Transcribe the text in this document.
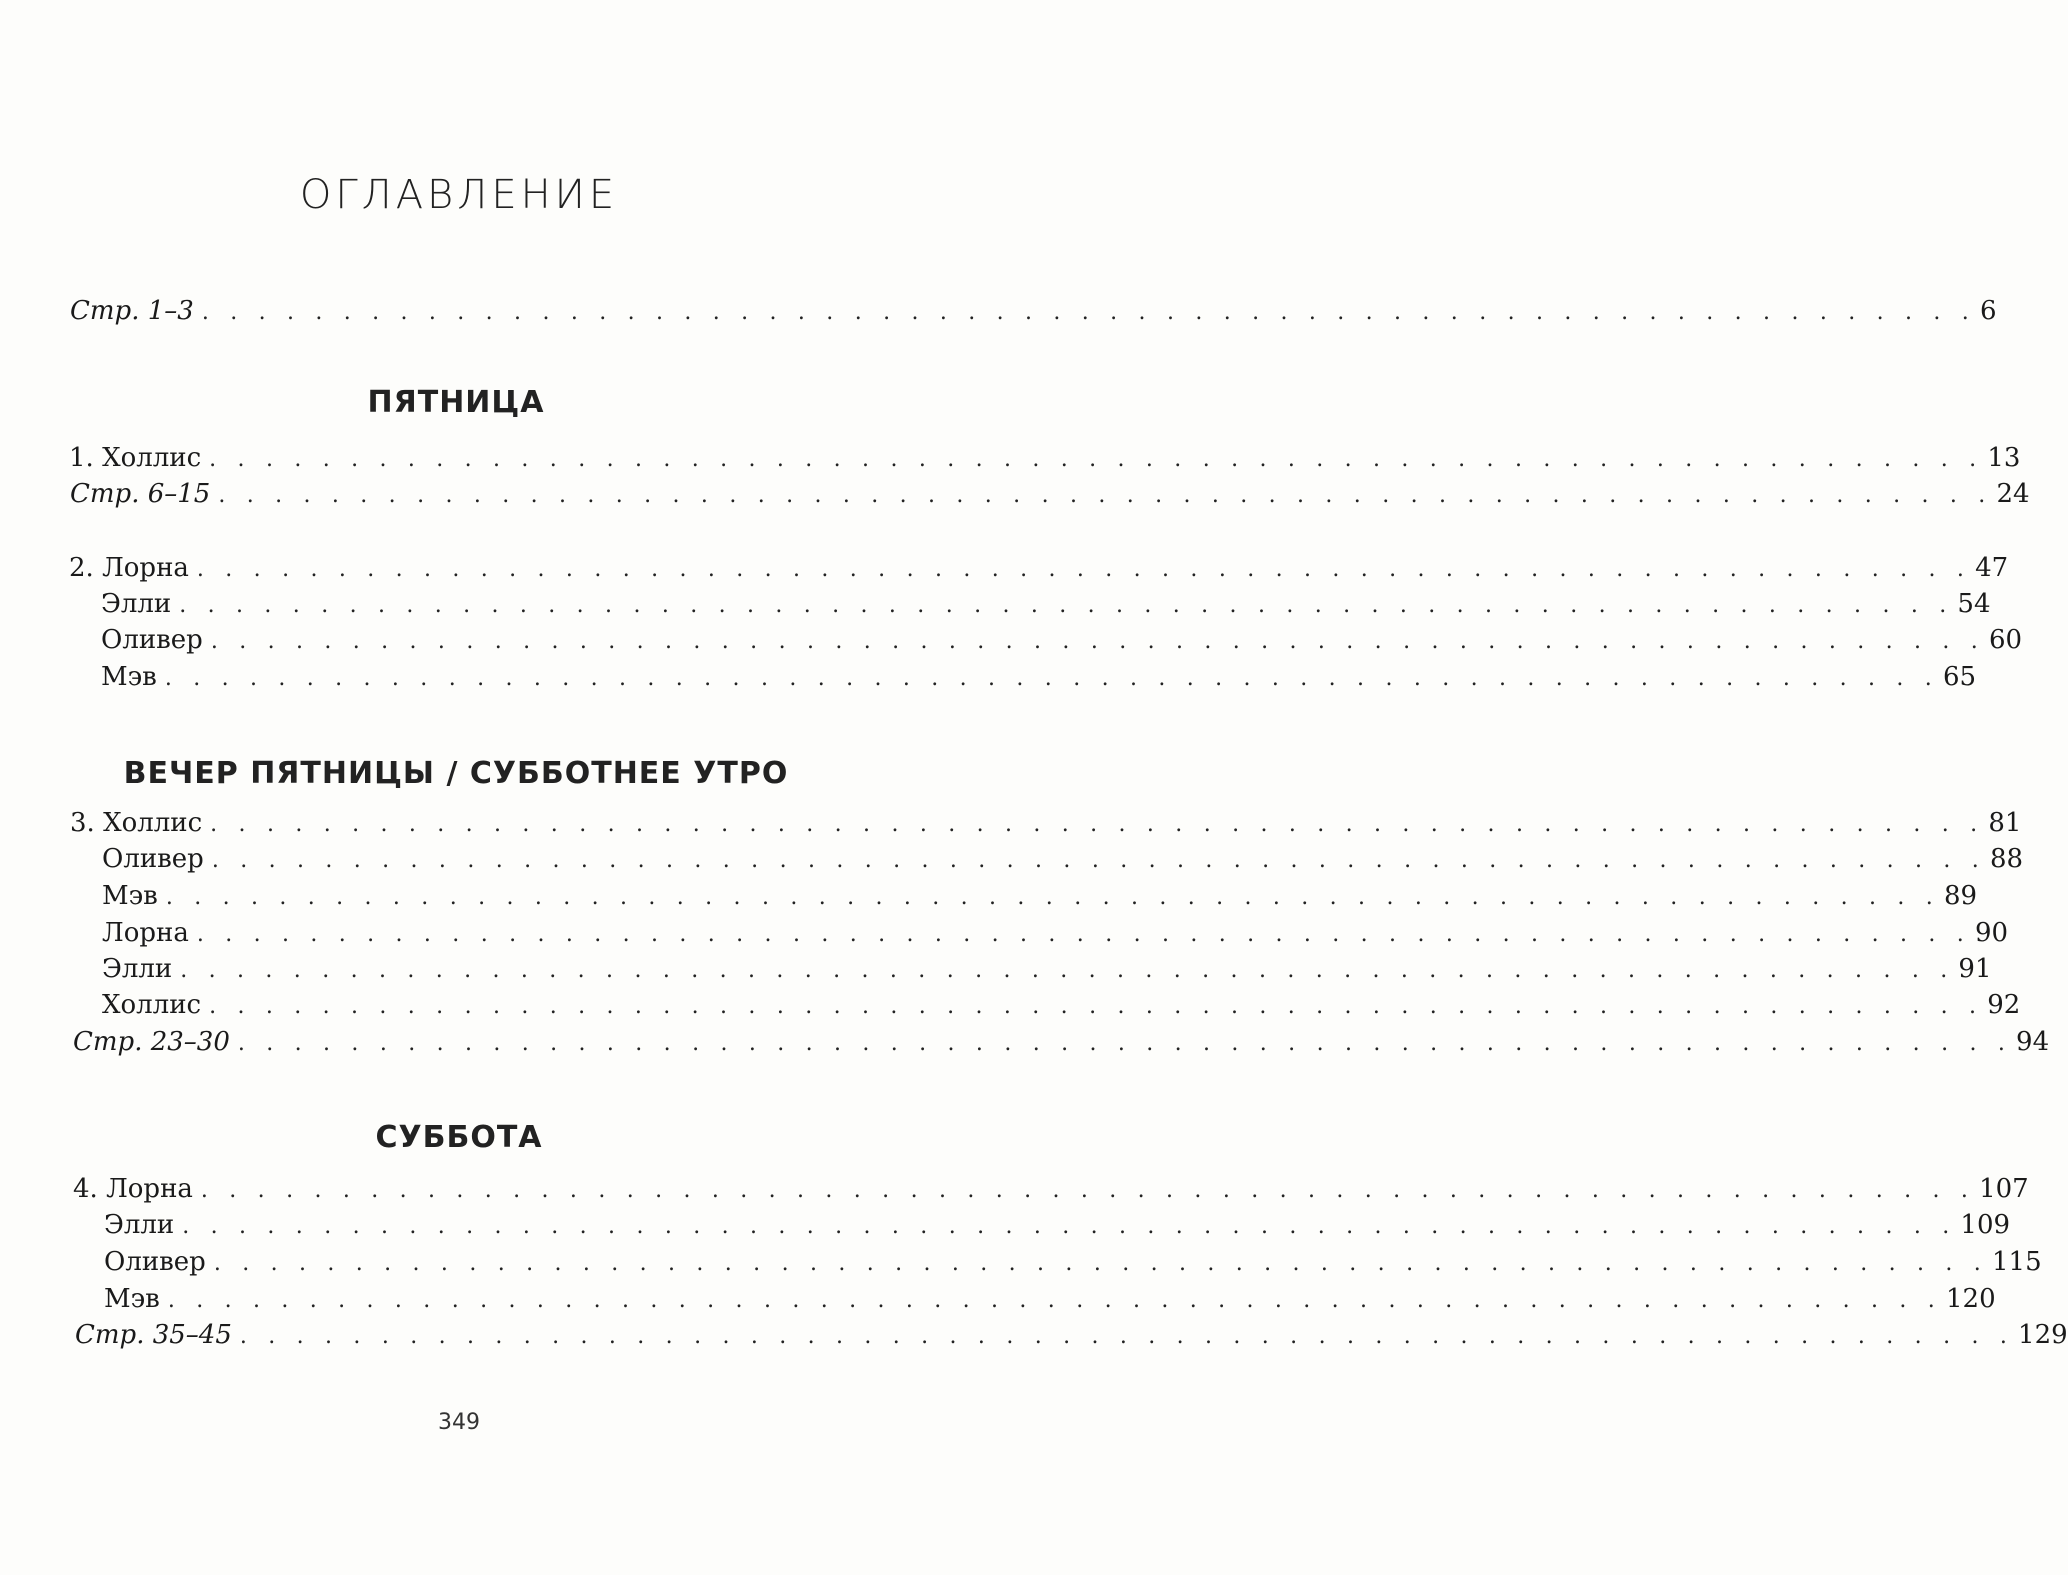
ОГЛАВЛЕНИЕ
Стр. 1–3 . . . . . . . . . . . . . . . . . . . . . . . . . . . . . . . . . . . . . . . . . . . . . . . . . . . . . . . . . . . . . . . 6
ПЯТНИЦА
1. Холлис . . . . . . . . . . . . . . . . . . . . . . . . . . . . . . . . . . . . . . . . . . . . . . . . . . . . . . . . . . . . . . . 13
Стр. 6–15 . . . . . . . . . . . . . . . . . . . . . . . . . . . . . . . . . . . . . . . . . . . . . . . . . . . . . . . . . . . . . . . 24
2. Лорна . . . . . . . . . . . . . . . . . . . . . . . . . . . . . . . . . . . . . . . . . . . . . . . . . . . . . . . . . . . . . . . 47
Элли . . . . . . . . . . . . . . . . . . . . . . . . . . . . . . . . . . . . . . . . . . . . . . . . . . . . . . . . . . . . . . . 54
Оливер . . . . . . . . . . . . . . . . . . . . . . . . . . . . . . . . . . . . . . . . . . . . . . . . . . . . . . . . . . . . . . . 60
Мэв . . . . . . . . . . . . . . . . . . . . . . . . . . . . . . . . . . . . . . . . . . . . . . . . . . . . . . . . . . . . . . . 65
ВЕЧЕР ПЯТНИЦЫ / СУББОТНЕЕ УТРО
3. Холлис . . . . . . . . . . . . . . . . . . . . . . . . . . . . . . . . . . . . . . . . . . . . . . . . . . . . . . . . . . . . . . . 81
Оливер . . . . . . . . . . . . . . . . . . . . . . . . . . . . . . . . . . . . . . . . . . . . . . . . . . . . . . . . . . . . . . . 88
Мэв . . . . . . . . . . . . . . . . . . . . . . . . . . . . . . . . . . . . . . . . . . . . . . . . . . . . . . . . . . . . . . . 89
Лорна . . . . . . . . . . . . . . . . . . . . . . . . . . . . . . . . . . . . . . . . . . . . . . . . . . . . . . . . . . . . . . . 90
Элли . . . . . . . . . . . . . . . . . . . . . . . . . . . . . . . . . . . . . . . . . . . . . . . . . . . . . . . . . . . . . . . 91
Холлис . . . . . . . . . . . . . . . . . . . . . . . . . . . . . . . . . . . . . . . . . . . . . . . . . . . . . . . . . . . . . . . 92
Стр. 23–30 . . . . . . . . . . . . . . . . . . . . . . . . . . . . . . . . . . . . . . . . . . . . . . . . . . . . . . . . . . . . . . . 94
СУББОТА
4. Лорна . . . . . . . . . . . . . . . . . . . . . . . . . . . . . . . . . . . . . . . . . . . . . . . . . . . . . . . . . . . . . . . 107
Элли . . . . . . . . . . . . . . . . . . . . . . . . . . . . . . . . . . . . . . . . . . . . . . . . . . . . . . . . . . . . . . . 109
Оливер . . . . . . . . . . . . . . . . . . . . . . . . . . . . . . . . . . . . . . . . . . . . . . . . . . . . . . . . . . . . . . . 115
Мэв . . . . . . . . . . . . . . . . . . . . . . . . . . . . . . . . . . . . . . . . . . . . . . . . . . . . . . . . . . . . . . . 120
Стр. 35–45 . . . . . . . . . . . . . . . . . . . . . . . . . . . . . . . . . . . . . . . . . . . . . . . . . . . . . . . . . . . . . . . 129
349
